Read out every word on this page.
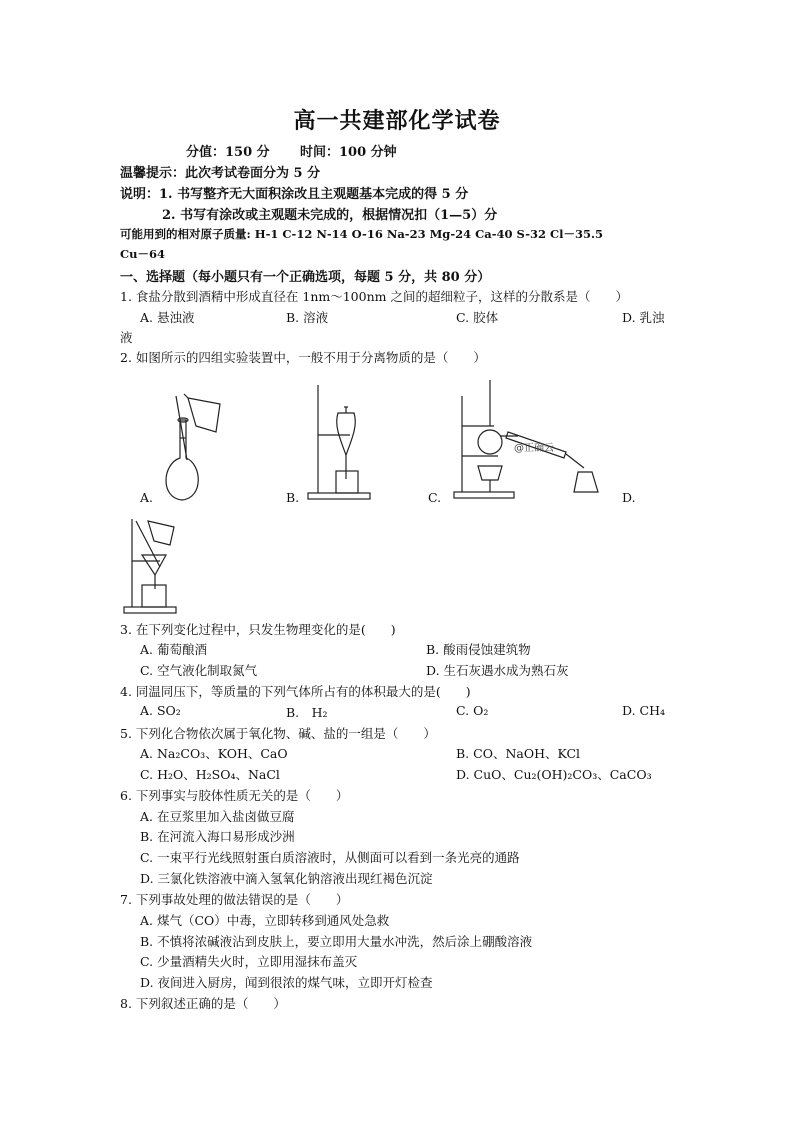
高一共建部化学试卷
分值：150 分 时间：100 分钟
温馨提示：此次考试卷面分为 5 分
说明：1. 书写整齐无大面积涂改且主观题基本完成的得 5 分
2. 书写有涂改或主观题未完成的，根据情况扣（1—5）分
可能用到的相对原子质量: H-1 C-12 N-14 O-16 Na-23 Mg-24 Ca-40 S-32 Cl－35.5
Cu－64
一、选择题（每小题只有一个正确选项，每题 5 分，共 80 分）
1. 食盐分散到酒精中形成直径在 1nm～100nm 之间的超细粒子，这样的分散系是（　　）
A. 悬浊液	B. 溶液	C. 胶体	D. 乳浊
液
2. 如图所示的四组实验装置中，一般不用于分离物质的是（　　）
A.	B.
@正确云
C.	D.
3. 在下列变化过程中，只发生物理变化的是(　　)
A. 葡萄酿酒	B. 酸雨侵蚀建筑物
C. 空气液化制取氮气	D. 生石灰遇水成为熟石灰
4. 同温同压下，等质量的下列气体所占有的体积最大的是(　　)
A. SO₂	B.　H₂	C. O₂	D. CH₄
5. 下列化合物依次属于氧化物、碱、盐的一组是（　　）
A. Na₂CO₃、KOH、CaO	B. CO、NaOH、KCl
C. H₂O、H₂SO₄、NaCl	D. CuO、Cu₂(OH)₂CO₃、CaCO₃
6. 下列事实与胶体性质无关的是（　　）
A. 在豆浆里加入盐卤做豆腐
B. 在河流入海口易形成沙洲
C. 一束平行光线照射蛋白质溶液时，从侧面可以看到一条光亮的通路
D. 三氯化铁溶液中滴入氢氧化钠溶液出现红褐色沉淀
7. 下列事故处理的做法错误的是（　　）
A. 煤气（CO）中毒，立即转移到通风处急救
B. 不慎将浓碱液沾到皮肤上，要立即用大量水冲洗，然后涂上硼酸溶液
C. 少量酒精失火时，立即用湿抹布盖灭
D. 夜间进入厨房，闻到很浓的煤气味，立即开灯检查
8. 下列叙述正确的是（　　）
